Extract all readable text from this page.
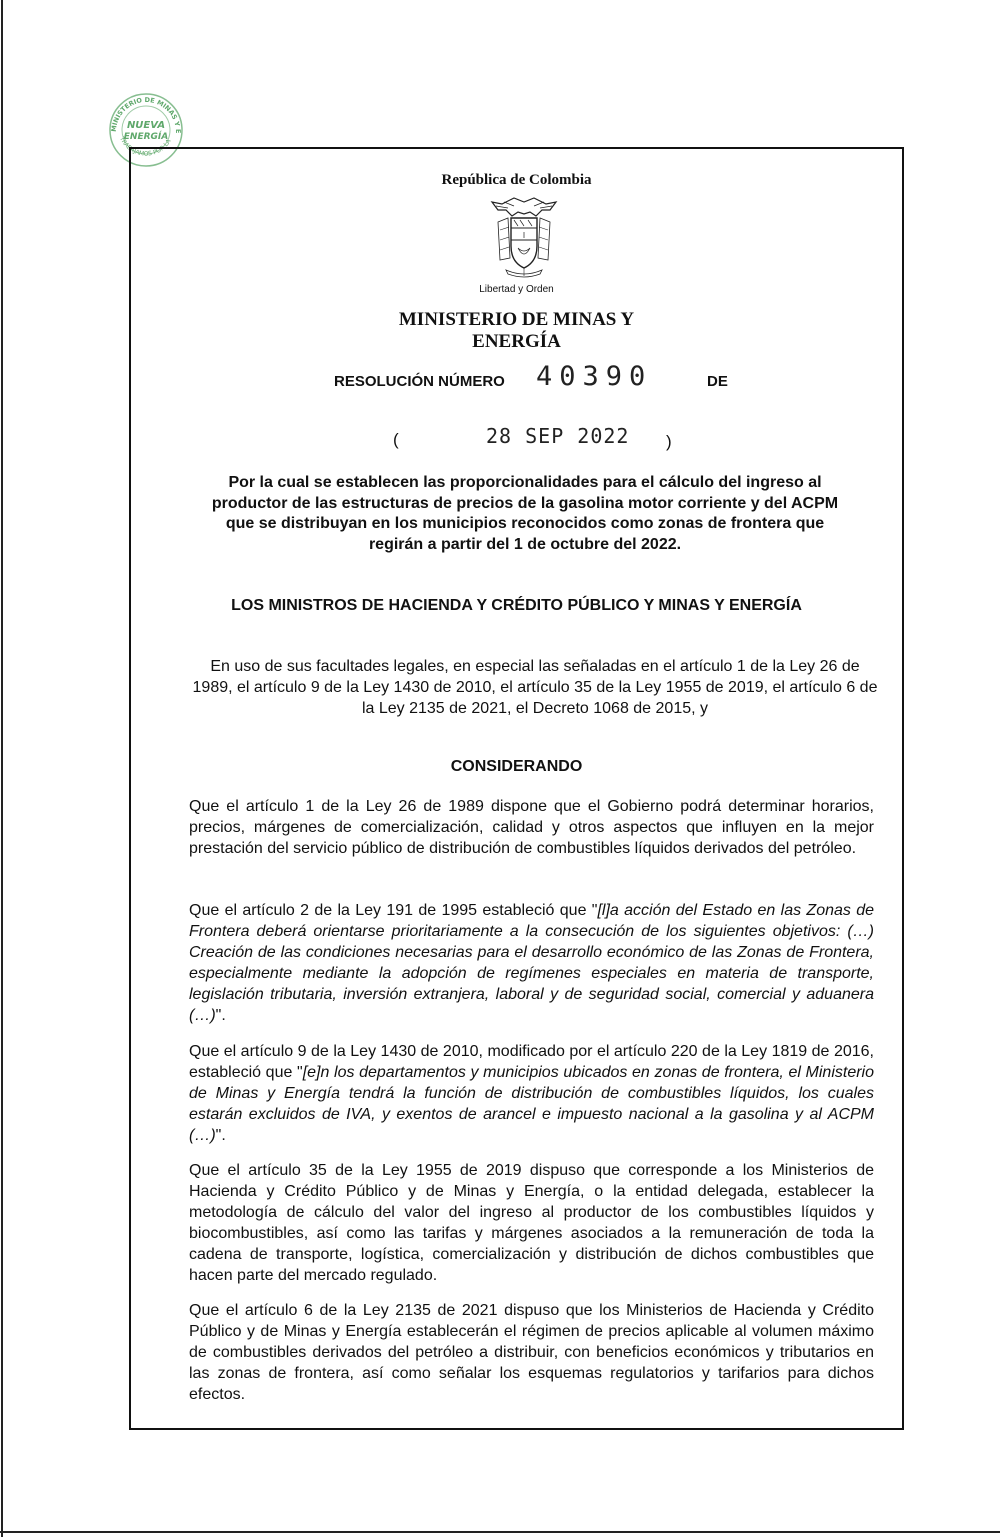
MINISTERIO DE MINAS Y E
TRABAJAMOS POR LA
NUEVA
ENERGÍA
República de Colombia
Libertad y Orden
MINISTERIO DE MINAS Y
ENERGÍA
RESOLUCIÓN NÚMERO 40390	DE
(	28 SEP 2022 )
Por la cual se establecen las proporcionalidades para el cálculo del ingreso al productor de las estructuras de precios de la gasolina motor corriente y del ACPM que se distribuyan en los municipios reconocidos como zonas de frontera que regirán a partir del 1 de octubre del 2022.
LOS MINISTROS DE HACIENDA Y CRÉDITO PÚBLICO Y MINAS Y ENERGÍA
En uso de sus facultades legales, en especial las señaladas en el artículo 1 de la Ley 26 de 1989, el artículo 9 de la Ley 1430 de 2010, el artículo 35 de la Ley 1955 de 2019, el artículo 6 de la Ley 2135 de 2021, el Decreto 1068 de 2015, y
CONSIDERANDO
Que el artículo 1 de la Ley 26 de 1989 dispone que el Gobierno podrá determinar horarios, precios, márgenes de comercialización, calidad y otros aspectos que influyen en la mejor prestación del servicio público de distribución de combustibles líquidos derivados del petróleo.
Que el artículo 2 de la Ley 191 de 1995 estableció que "[l]a acción del Estado en las Zonas de Frontera deberá orientarse prioritariamente a la consecución de los siguientes objetivos: (…) Creación de las condiciones necesarias para el desarrollo económico de las Zonas de Frontera, especialmente mediante la adopción de regímenes especiales en materia de transporte, legislación tributaria, inversión extranjera, laboral y de seguridad social, comercial y aduanera (…)".
Que el artículo 9 de la Ley 1430 de 2010, modificado por el artículo 220 de la Ley 1819 de 2016, estableció que "[e]n los departamentos y municipios ubicados en zonas de frontera, el Ministerio de Minas y Energía tendrá la función de distribución de combustibles líquidos, los cuales estarán excluidos de IVA, y exentos de arancel e impuesto nacional a la gasolina y al ACPM (…)".
Que el artículo 35 de la Ley 1955 de 2019 dispuso que corresponde a los Ministerios de Hacienda y Crédito Público y de Minas y Energía, o la entidad delegada, establecer la metodología de cálculo del valor del ingreso al productor de los combustibles líquidos y biocombustibles, así como las tarifas y márgenes asociados a la remuneración de toda la cadena de transporte, logística, comercialización y distribución de dichos combustibles que hacen parte del mercado regulado.
Que el artículo 6 de la Ley 2135 de 2021 dispuso que los Ministerios de Hacienda y Crédito Público y de Minas y Energía establecerán el régimen de precios aplicable al volumen máximo de combustibles derivados del petróleo a distribuir, con beneficios económicos y tributarios en las zonas de frontera, así como señalar los esquemas regulatorios y tarifarios para dichos efectos.
